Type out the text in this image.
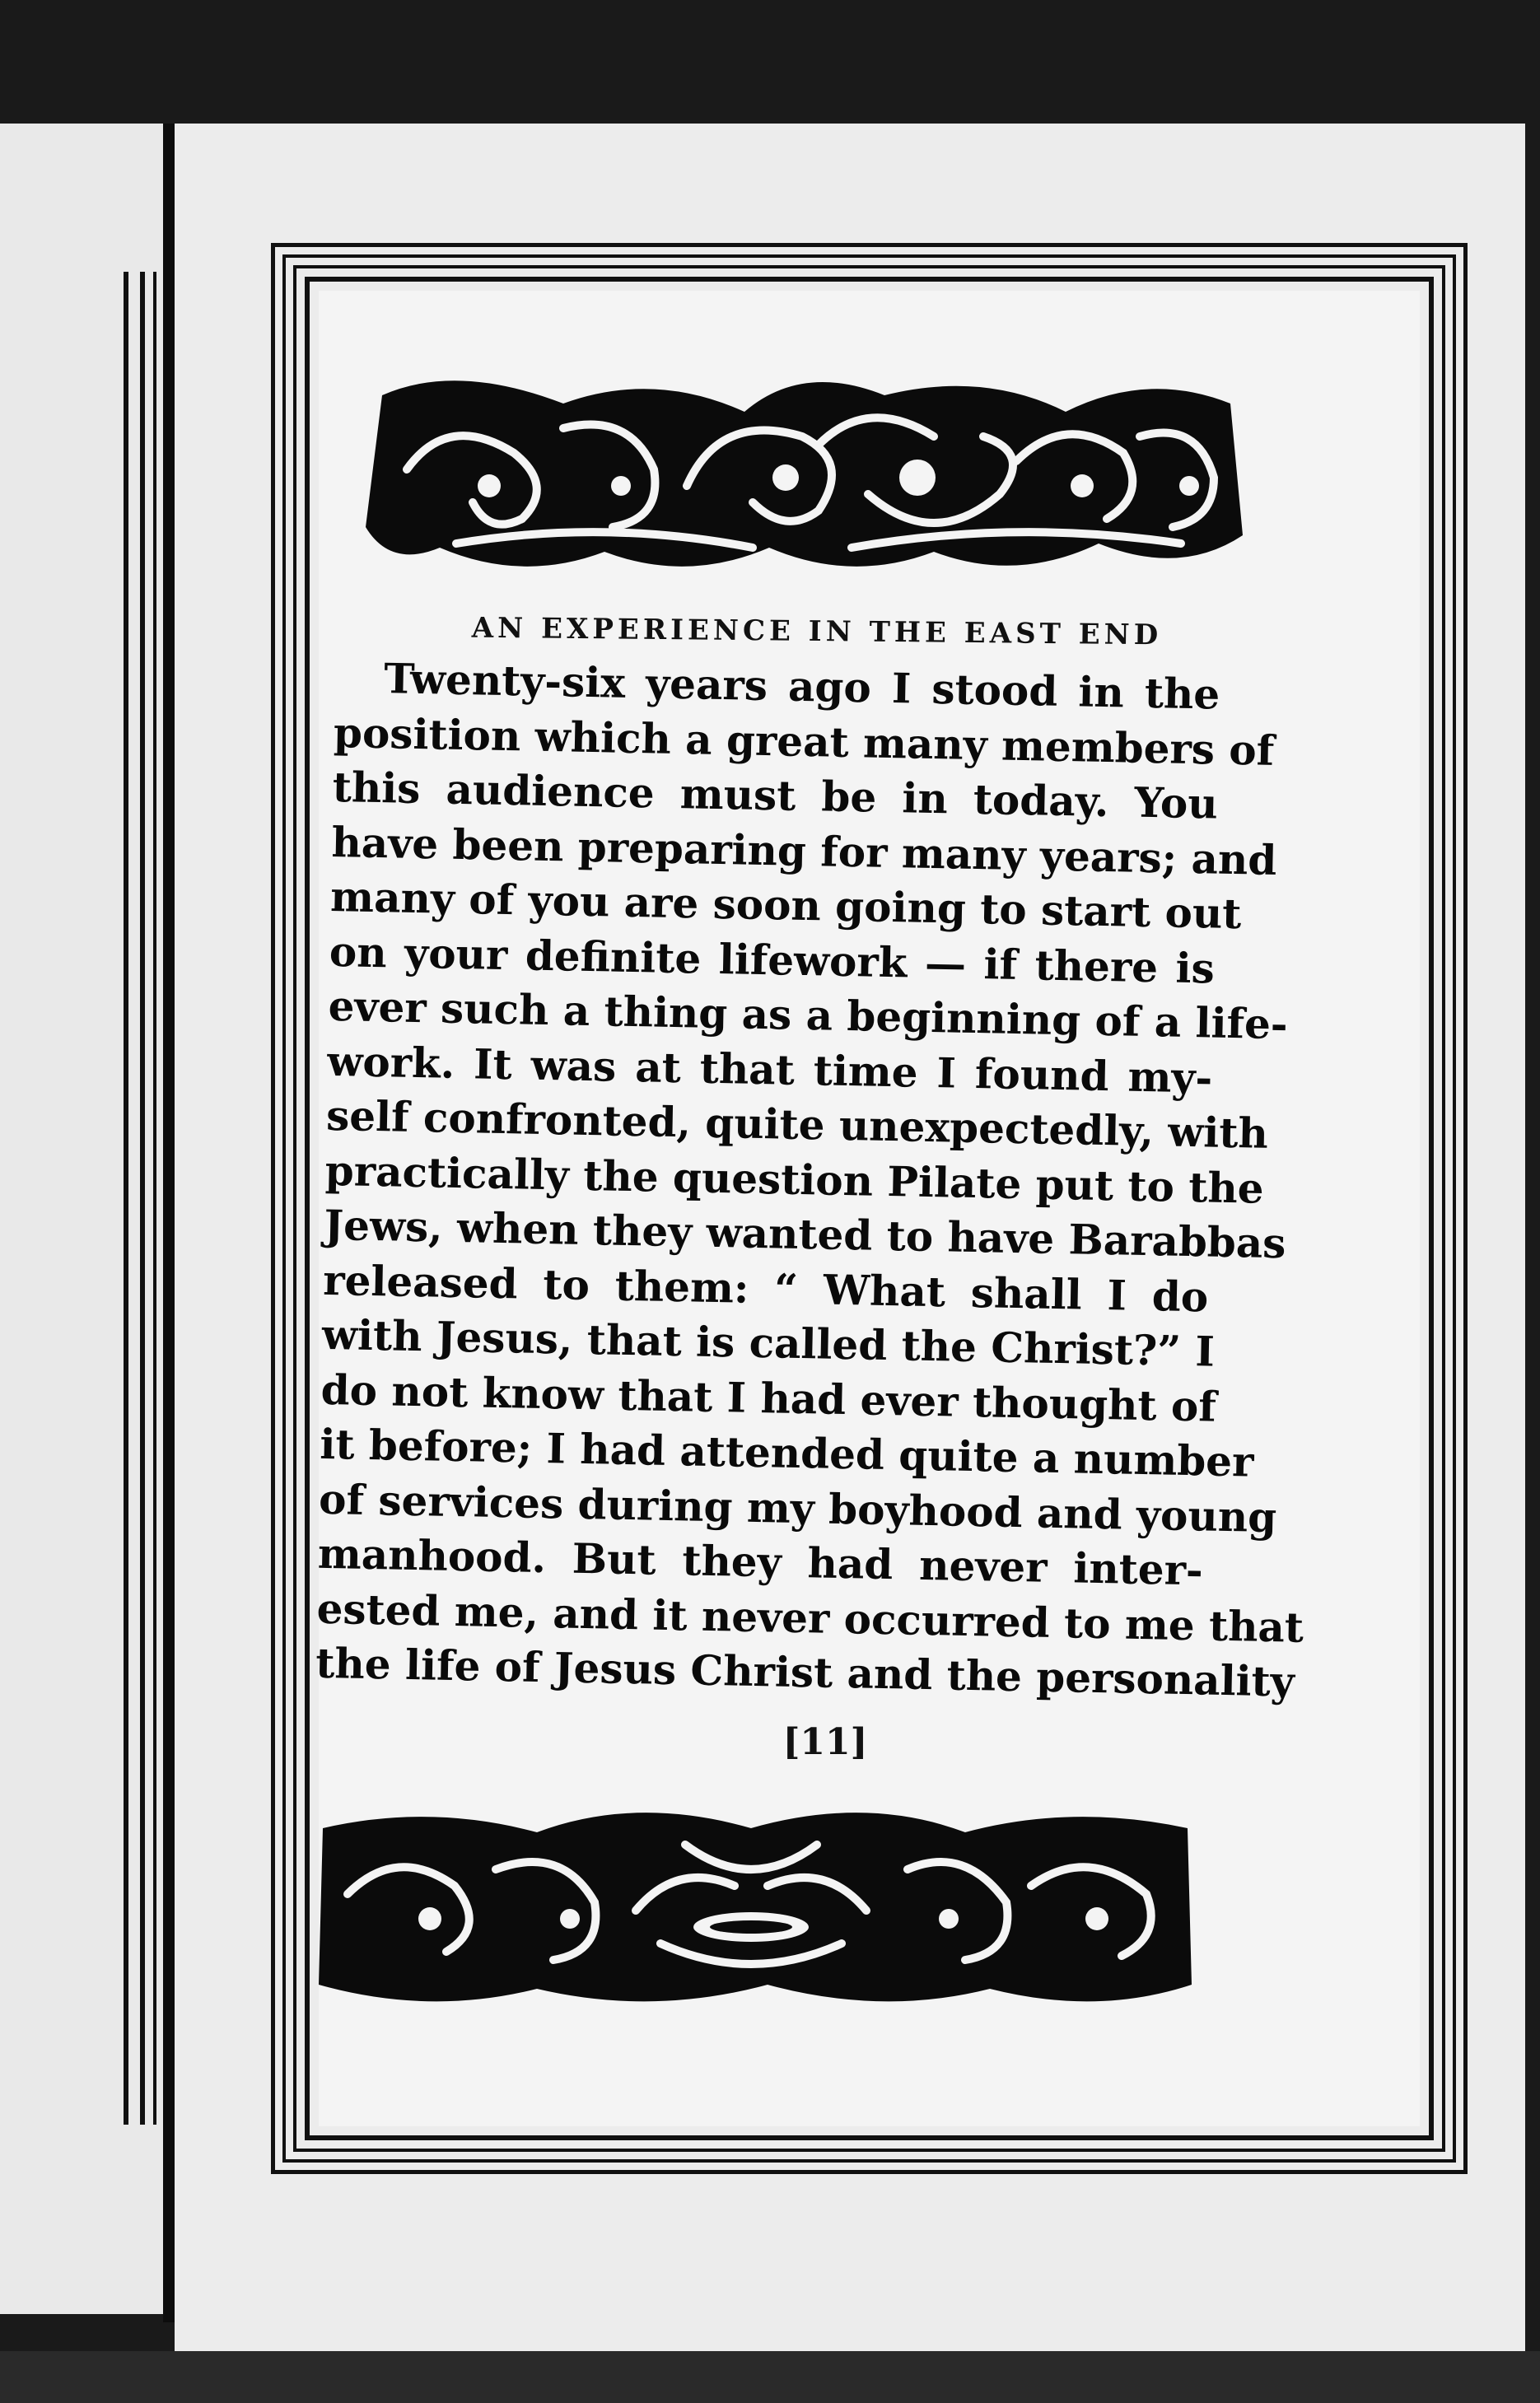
AN EXPERIENCE IN THE EAST END
Twenty-six years ago I stood in the
position which a great many members of
this audience must be in today. You
have been preparing for many years; and
many of you are soon going to start out
on your definite lifework — if there is
ever such a thing as a beginning of a life-
work. It was at that time I found my-
self confronted, quite unexpectedly, with
practically the question Pilate put to the
Jews, when they wanted to have Barabbas
released to them: “ What shall I do
with Jesus, that is called the Christ?” I
do not know that I had ever thought of
it before; I had attended quite a number
of services during my boyhood and young
manhood. But they had never inter-
ested me, and it never occurred to me that
the life of Jesus Christ and the personality
[11]
